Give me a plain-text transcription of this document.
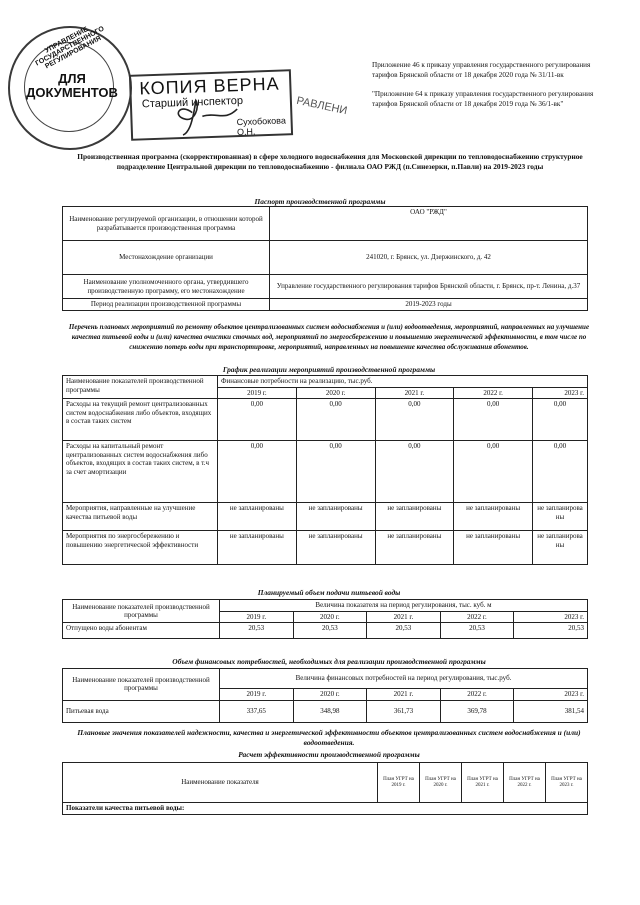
УПРАВЛЕНИЕ ГОСУДАРСТВЕННОГО РЕГУЛИРОВАНИЯ
ДЛЯ
ДОКУМЕНТОВ КОПИЯ ВЕРНА
Старший инспектор
Сухобокова О.Н.
РАВЛЕНИ

Приложение 46 к приказу управления государственного регулирования тарифов Брянской области от 18 декабря 2020 года № 31/11-вк

"Приложение 64 к приказу управления государственного регулирования тарифов Брянской области от 18 декабря 2019 года № 36/1-вк"

Производственная программа (скорректированная) в сфере холодного водоснабжения для Московской дирекции по тепловодоснабжению структурное подразделение Центральной дирекции по тепловодоснабжению - филиала ОАО РЖД (п.Синезерки, п.Павли) на 2019-2023 годы
Паспорт производственной программы
Наименование регулируемой организации, в отношении которой разрабатывается производственная программа	ОАО "РЖД"
Местонахождение организации	241020, г. Брянск, ул. Дзержинского, д. 42
Наименование уполномоченного органа, утвердившего производственную программу, его местонахождение	Управление государственного регулирования тарифов Брянской области, г. Брянск, пр-т. Ленина, д.37
Период реализации производственной программы	2019-2023 годы
Перечень плановых мероприятий по ремонту объектов централизованных систем водоснабжения и (или) водоотведения, мероприятий, направленных на улучшение качества питьевой воды и (или) качества очистки сточных вод, мероприятий по энергосбережению и повышению энергетической эффективности, в том числе по снижению потерь воды при транспортировке, мероприятий, направленных на повышение качества обслуживания абонентов.
График реализации мероприятий производственной программы
Наименование показателей производственной программы	Финансовые потребности на реализацию, тыс.руб.				
	2019 г.	2020 г.	2021 г.	2022 г.	2023 г.
Расходы на текущий ремонт централизованных систем водоснабжения либо объектов, входящих в состав таких систем	0,00	0,00	0,00	0,00	0,00
Расходы на капитальный ремонт централизованных систем водоснабжения либо объектов, входящих в состав таких систем, в т.ч за счет амортизации	0,00	0,00	0,00	0,00	0,00
Мероприятия, направленные на улучшение качества питьевой воды	не запланированы	не запланированы	не запланированы	не запланированы	не запланирова ны
Мероприятия по энергосбережению и повышению энергетической эффективности	не запланированы	не запланированы	не запланированы	не запланированы	не запланирова ны
Планируемый объем подачи питьевой воды
Наименование показателей производственной программы	Величина показателя на период регулирования, тыс. куб. м				
	2019 г.	2020 г.	2021 г.	2022 г.	2023 г.
Отпущено воды абонентам	20,53	20,53	20,53	20,53	20,53
Объем финансовых потребностей, необходимых для реализации производственной программы
Наименование показателей производственной программы	Величина финансовых потребностей на период регулирования, тыс.руб.				
	2019 г.	2020 г.	2021 г.	2022 г.	2023 г.
Питьевая вода	337,65	348,98	361,73	369,78	381,54
Плановые значения показателей надежности, качества и энергетической эффективности объектов централизованных систем водоснабжения и (или) водоотведения.
Расчет эффективности производственной программы
Наименование показателя	План УГРТ на 2019 г.	План УГРТ на 2020 г.	План УГРТ на 2021 г.	План УГРТ на 2022 г.	План УГРТ на 2023 г.
Показатели качества питьевой воды:
